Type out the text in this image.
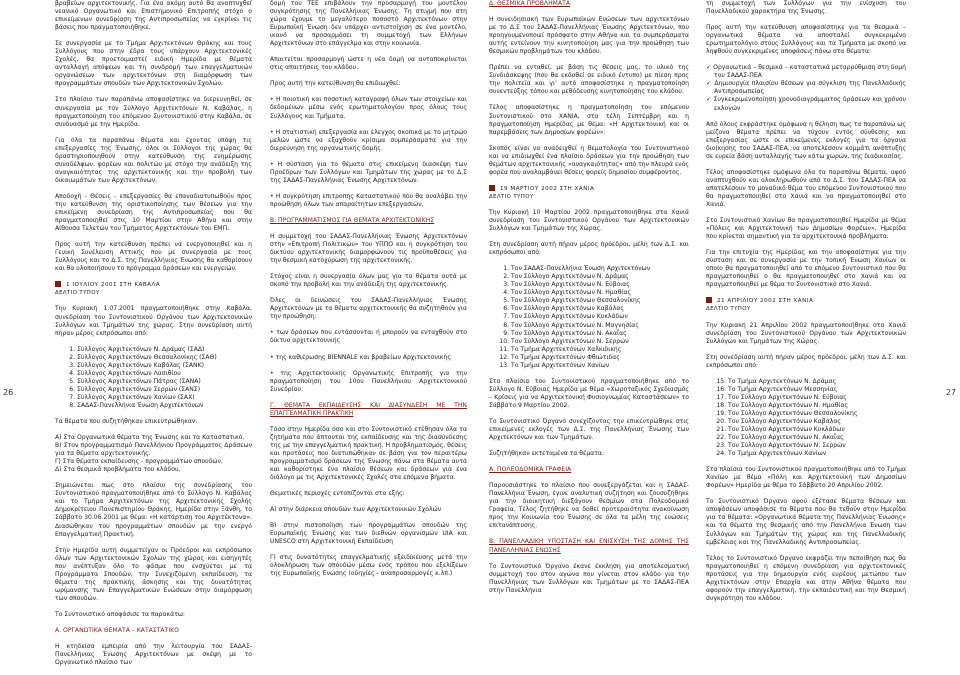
26

βραβείων αρχιτεκτονικής. Για ένα ακόμη αυτό θα αναπτυχθεί νεανικό Οργανωτικό και Επιστημονικό Επιτροπής στόχο ο επικείμενων συνεδρίαση της Αντιπροσωπείας να εγκρίνει τις βάσεις που πραγματοποιήθηκε.

Σε συνεργασία με το Τμήμα Αρχιτεκτόνων Θράκης και τους Συλλόγους που στην έδρα τους υπάρχουν Αρχιτεκτονικές Σχολές, θα προετοιμαστεί ειδική Ημερίδα με θέματα ανταλλαγή απόψεων και τη συνδρομή των επαγγελματικών οργανώσεων των αρχιτεκτόνων στη διαμόρφωση των προγραμμάτων σπουδών των Αρχιτεκτονικών Σχολών.

Στο πλαίσιο των παραπάνω αποφασίστηκε να διερευνηθεί, σε συνεργασία με τον Σύλλογο Αρχιτεκτόνων Ν. Καβάλας, η πραγματοποίηση του επόμενου Συντονιστικού στην Καβάλα, σε συνδυασμό με την Ημερίδα.

Για όλα τα παραπάνω θέματα και έχοντας υπόψη τις επεξεργασίες της Ένωσης, όλοι οι Σύλλογοι της χώρας θα δραστηριοποιηθούν στην κατεύθυνση της ενημέρωσης συναδέλφων, φορέων και πολιτών με στόχο την ανάδειξη της αναγκαιότητας της αρχιτεκτονικής και την προβολή των δικαιωμάτων των Αρχιτεκτόνων.

Αποδοχή - Θέσεις - επεξεργασίες θα επαναδιατυπωθούν προς την κατεύθυνση της οριστικοποίησης των θέσεων για την επικείμενη συνεδρίαση της Αντιπροσωπείας που θα πραγματοποιηθεί στις 10 Μαρτίου στην Αθήνα και στην Αίθουσα Τελετών του Τμήματος Αρχιτεκτόνων του ΕΜΠ.

Προς αυτή την κατεύθυνση πρέπει να ενεργοποιηθεί και η Γενική Συνέλευση Αττικής που με συνεργασία με τους Συλλόγους και το Δ.Σ. της Πανελλήνιας Ένωσης θα καθορίσουν και θα υλοποιήσουν το πρόγραμμα δράσεων και ενεργειών.

1 ΙΟΥΛΙΟΥ 2001 ΣΤΗ ΚΑΒΑΛΑ
ΔΕΛΤΙΟ ΤΥΠΟΥ

Την Κυριακή 1.07.2001 πραγματοποιήθηκε στην Καβάλα, συνεδρίαση του Συντονιστικού Οργάνου των Αρχιτεκτονικών Συλλόγων και Τμημάτων της χώρας. Στην συνεδρίαση αυτή πήραν μέρος εκπρόσωποι από:

1. Σύλλογος Αρχιτεκτόνων Ν. Δράμας (ΣΑΔ)
2. Σύλλογος Αρχιτεκτόνων Θεσσαλονίκης (ΣΑΘ)
3. Σύλλογος Αρχιτεκτόνων Καβάλας (ΣΑΝΚ)
4. Σύλλογος Αρχιτεκτόνων Λασιθίου
5. Σύλλογος Αρχιτεκτόνων Πάτρας (ΣΑΝΑ)
6. Σύλλογος Αρχιτεκτόνων Σερρών (ΣΑΝΣ)
7. Σύλλογος Αρχιτεκτόνων Χανίων (ΣΑΧ)
8. ΣΑΔΑΣ-Πανελλήνια Ένωση Αρχιτεκτόνων

Τα θέματα που συζητήθηκαν επικεντρώθηκαν:

Α) Στα Οργανωτικά θέματα της Ένωσης και τα Καταστατικό.
Β) Στον προγραμματισμό Πανελλήνιου Προγράμματος Δράσεων για τα θέματα αρχιτεκτονικής.
Γ) Στα θέματα εκπαίδευσης - προγραμμάτων σπουδών.
Δ) Στα θεσμικά προβλήματα του κλάδου.

Σημειώνεται πως στο πλαίσιο της συνεδρίασης του Συντονιστικού πραγματοποιήθηκε από το Σύλλογο Ν. Καβάλας και το Τμήμα Αρχιτεκτόνων της Αρχιτεκτονικής Σχολής Δημοκρίτειου Πανεπιστημίου Θράκης, Ημερίδα στην Ξάνθη, το Σάββατο 30.06.2001 με θέμα: «Η κατάρτιση του Αρχιτέκτονα». Διασώθηκαν του προγραμμάτων σπουδών με την ενεργό Επαγγελματική Πρακτική.

Στην Ημερίδα αυτή συμμετείχαν οι Πρόεδροι και εκπρόσωποι όλων των Αρχιτεκτονικών Σχολών της χώρας και εισηγητές που ανέπτυξαν όλο το φάσμα που ενσχύεται με τα Προγράμματα Σπουδών, την Συνεχιζόμενη εκπαίδευση, τα θέματα της πρακτικής άσκησης και της δυνατότητας ωρίμανσης των Επαγγελματικών Ενώσεων στην διαμόρφωση των σπουδών.

Το Συντονιστικό αποφάσισε τα παρακάτω:

Α. ΟΡΓΑΝΩΤΙΚΑ ΘΕΜΑΤΑ – ΚΑΤΑΣΤΑΤΙΚΟ

Η κτηδείσα εμπειρία από την λειτουργία του ΣΑΔΑΣ-Πανελλήνιας Ένωσης Αρχιτεκτόνων με σκέψη με το Οργανωτικό πλαίσιο των

δομή του ΤΕΕ επιβάλουν την προσαρμογή του μοντέλου συγκρότησης της Πανελλήνιας Ένωσης. Τη στιγμή που στη χώρα έχουμε το μεγαλύτερο ποσοστό Αρχιτεκτόνων στην Ευρωπαϊκή Ένωση δεν υπάρχει αντιστοίχιση σε ένα μοντέλο, ικανό να προσαρμόσει τη συμμετοχή των Ελλήνων Αρχιτεκτόνων στο επάγγελμα και στην κοινωνία.

Απαιτείται προσαρμογή ώστε η νέα δομή να ανταποκρίνεται στις απαιτήσεις του κλάδου.

Προς αυτή την κατεύθυνση θα επιδιωχθεί:

• Η ποιοτική και ποσοτική καταγραφή όλων των στοιχείων και δεδομένων μέσω ενός ερωτηματολογίου προς όλους τους Συλλόγους και Τμήματα.

• Η στατιστική επεξεργασία και έλεγχος σκοπικά με το μητρώο μελών ώστε να εξαχθούν κρίσιμα συμπεράσματα για την διερεύνηση της οργανωτικής δομής.

• Η σύσταση για το θέματα στις επικείμενη διασκέψη των Προέδρων των Συλλόγων και Τμημάτων της χώρας με το Δ.Σ της ΣΑΔΑΣ-Πανελλήνιας Ένωσης Αρχιτεκτόνων.

• Η συγκρότηση επιτροπής Καταστατικού που θα αναλάβει την προώθηση όλων των απαραίτητων επεξεργασιών.

Β. ΠΡΟΓΡΑΜΜΑΤΙΣΜΟΣ ΓΙΑ ΘΕΜΑΤΑ ΑΡΧΙΤΕΚΤΟΝΙΚΗΣ

Η συμμετοχή του ΣΑΔΑΣ-Πανελλήνιας Ένωσης Αρχιτεκτόνων στην «Επιτροπή Πολιτικών» του ΥΠΠΟ και η συγκρότηση του δικτύου αρχιτεκτονικής διαμορφώνουν τις προϋποθέσεις για την θεσμική κατοχύρωση της αρχιτεκτονικής.

Στόχος είναι η συνεργασία όλων μας για τα θέματα αυτά με σκοπό την προβολή και την ανάδειξη της αρχιτεκτονικής.

Όλες οι δεινώσεις του ΣΑΔΑΣ-Πανελλήνιας Ένωσης Αρχιτεκτόνων με τα θέματα αρχιτεκτονικής θα συζητηθούν για την προώθηση:

• των δράσεων που εντάσσονται ή μπορούν να ενταχθούν στο δίκτυο αρχιτεκτονικής

• της καθιέρωσης BIENNALE και βραβείων Αρχιτεκτονικής

• της Αρχιτεκτονικής Οργανωτικής Επιτροπής για την πραγματοποίηση του 10ου Πανελλήνιου Αρχιτεκτονικού Συνεδρίου.

Γ. ΘΕΜΑΤΑ ΕΚΠΑΙΔΕΥΣΗΣ ΚΑΙ ΔΙΑΣΥΝΔΕΣΗ ΜΕ ΤΗΝ ΕΠΑΓΓΕΛΜΑΤΙΚΗ ΠΡΑΚΤΙΚΗ

Τόσο στην Ημερίδα όσο και στο Συντονιστικό ετέθησαν όλα τα ζητήματα που άπτονται της εκπαίδευσης και της διασύνδεσης της με την επαγγελματική πρακτική. Η προβληματισμός, θέσεις και προτάσεις που διατυπώθηκαν σε βάση για τον περαιτέρω προγραμματισμό δράσεων της Ένωσης πάνω στα θέματα αυτά και καθορίστηκε ένα πλαίσιο θέσεων και δράσεων για ένα διάλογο με τις Αρχιτεκτονικές Σχολές στα επόμενα βήματα.

Θεματικές περιοχές εντοπίζονται στα εξής:

Α) στην διάρκεια σπουδών των Αρχιτεκτονικών Σχολών

Β) στην πιστοποίηση των προγραμμάτων σπουδών της Ευρωπαϊκής Ένωσης και των διεθνών οργανισμών UIA και UNESCO στη Αρχιτεκτονική Εκπαίδευση

Γ) στις δυνατότητες επαγγελματικής εξειδίκευσης μετά την ολοκλήρωση των σπουδών μέσω ενός τρόπου που εξελίξεων της Ευρωπαϊκής Ένωσης (οδηγίες - αναπροσαρμογές κ.λπ.)

27
Δ. ΘΕΣΜΙΚΑ ΠΡΟΒΛΗΜΑΤΑ

Η συνειδησιακή των Ευρωπαϊκών Ενώσεων των αρχιτεκτόνων με το Δ.Σ του ΣΑΔΑΣ-Πανελλήνιας Ένωσης Αρχιτεκτόνων, που προηγουμενοποιεί πρόσφατο στην Αθήνα και τα συμπεράσματα αυτής εντείνουν την κινητοποίηση μας για την προώθηση των θεσμικών προβλημάτων του κλάδου.

Πρέπει να ενταθεί, με βάση τις θέσεις μας, το υλικό της Συνδιάσκεψης (που θα εκδοθεί σε ειδικό έντυπο) με πίεση προς την πολιτεία και γι' αυτό αποφασίστηκε η πραγματοποίηση συνεντεύξης τόπου και μεθόδευσης κινητοποίησης του κλάδου.

Τέλος αποφασίστηκε η πραγματοποίηση του επόμενου Συντονιστικού στο ΧΑΝΙΑ, στα τέλη Σεπτέμβρη και η πραγματοποίηση Ημερίδας με θέμα: «Η Αρχιτεκτονική και οι παρεμβάσεις των Δημοσίων φορέων».

Σκοπός είναι να αναδειχθεί η θεματολογία του Συντονιστικού και να επιδιωχθεί ένα πλαίσιο δράσεων για την προώθηση των θεμάτων αρχιτεκτονικής «αναγκαιότητας» από την πλευρά ενός φορέα που αναλαμβάνει θέσεις φορείς δημοσίου συμφέροντος.

19 ΜΑΡΤΙΟΥ 2002 ΣΤΗ ΧΑΝΙΑ
ΔΕΛΤΙΟ ΤΥΠΟΥ

Την Κυριακή 10 Μαρτίου 2002 πραγματοποιήθηκε στα Χανιά συνεδρίαση του Συντονιστικού Οργάνου των Αρχιτεκτονικών Συλλόγων και Τμημάτων της Χώρας.

Στη συνεδρίαση αυτή πήραν μέρος πρόεδροι, μέλη των Δ.Σ. και εκπρόσωποι από:

1. Τον ΣΑΔΑΣ-Πανελλήνια Ένωση Αρχιτεκτόνων
2. Τον Σύλλογο Αρχιτεκτόνων Ν. Δράμας
3. Τον Σύλλογο Αρχιτεκτόνων Ν. Εύβοιας
4. Τον Σύλλογο Αρχιτεκτόνων Ν. Ημαθίας
5. Τον Σύλλογο Αρχιτεκτόνων Θεσσαλονίκης
6. Τον Σύλλογο Αρχιτεκτόνων Καβάλας
7. Τον Σύλλογο Αρχιτεκτόνων Κυκλάδων
8. Τον Σύλλογο Αρχιτεκτόνων Ν. Μαγνησίας
9. Τον Σύλλογο Αρχιτεκτόνων Ν. Ακαΐας
10. Τον Σύλλογο Αρχιτεκτόνων Ν. Σερρών
11. Το Τμήμα Αρχιτεκτόνων Χαλκιδικής
12. Το Τμήμα Αρχιτεκτόνων Φθιώτιδας
13. Το Τμήμα Αρχιτεκτόνων Χανίων

Στα πλαίσια του Συντονιστικού πραγματοποιήθηκε από το Σύλλογο Ν. Εύβοιας Ημερίδα με θέμα «Χωροταξικός Σχεδιασμός – Κρίσεις για να Αρχιτεκτονική Φυσιογνωμίας Καταστάσεων» το Σάββατο 9 Μαρτίου 2002.

Το Συντονιστικό Όργανο συνεχίζοντας την επικεντρώθηκε στις επικείμενες εκλογές των Δ.Σ. της Πανελλήνιας Ένωσης των Αρχιτεκτόνων και των Τμημάτων.

Συζητήθηκαν εκτεταμένα τα θέματα:

Α. ΠΟΛΕΟΔΟΜΙΚΑ ΓΡΑΦΕΙΑ

Παρουσιάστηκε το πλαίσιο που συνεξεργάζεται και η ΣΑΔΑΣ-Πανελλήνια Ένωση, έγινε αναλυτική συζήτηση και ζουσυζήθηκε για την διοικητική διεξάγουν θεσμίων στα Πολεοδομικά Γραφεία. Τέλος ζητήθηκε να δοθεί προτεραιότητα ανακοίνωση προς την Κοινωνία του Ένωσης σε όλα τα μέλη της ενώσεις επιτανάπτυσης.

Β. ΠΑΝΕΛΛΑΔΙΚΗ ΥΠΟΣΤΑΣΗ ΚΑΙ ΕΝΙΣΧΥΣΗ ΤΗΣ ΔΟΜΗΣ ΤΗΣ ΠΑΝΕΛΛΗΝΙΑΣ ΕΝΩΣΗΣ

Το Συντονιστικό Όργανο έκανε έκκληση για αποτελεσματική συμμετοχή του στον αγώνα που γίνεται στον κλάδο για την Πανελλήνιας των Συλλόγων και Τμημάτων με το ΣΑΔΑΣ-ΠΕΑ στην Πανελλήνια

τη συμμετοχή των Συλλόγων για την ενίσχυση του Πανελλαδικού χαρακτήρα της Ένωσης.

Προς αυτή την κατεύθυνση αποφασίστηκε για τα θεσμικά – οργανωτικά θέματα να αποσταλεί συγκεκριμένο ερωτηματολόγιο στους Συλλόγους και τα Τμήματα με σκοπό να ληφθούν συγκεκριμένες αποφάσεις πάνω στα θέματα:

✓ Οργανωτικά – θεσμικά – καταστατικά μεταρρύθμιση στη δομή του ΣΑΔΑΣ-ΠΕΑ

✓ Δημιουργία πλαισίου θέσεων για σύγκλιση της Πανελλαδικής Αντιπροσωπείας

✓ Συγκεκριμενοποίηση χρονοδιαγράμματος δράσεων και χρόνου εκλογών

Από όλους εκφράστηκε ομόφωνα η θέληση πως τα παραπάνω ως μείζονα θέματα πρέπει να τύχουν εντός σύνθεσης και επεξεργασίας ώστε οι επικείμενες εκλογές για τα όργανα διοίκησης του ΣΑΔΑΣ-ΠΕΑ, να αποτελέσουν κομμάτι ανάπτυξης σε ευρεία βάση ανταλλαγής των κάτω χωρών, της διαδικασίας.

Τέλος αποφασίστηκε ομόφωνα όλα τα παραπάνω θέματα, αφού αναπτυχθούν και ολοκληρωθούν από το Δ.Σ. του ΣΑΔΑΣ-ΠΕΑ να αποτελέσουν το μοναδικό θέμα του επόμενου Συντονιστικού που θα πραγματοποιηθεί στο Χανιά και να πραγματοποιηθεί στο Χανιά.

Στο Συντονιστικό Χανίων θα πραγματοποιηθεί Ημερίδα με θέμα «Πόλεις και Αρχιτεκτονική των Δημοσίων Φορέων», Ημερίδα που κρίνεται σημαντική για τα αρχιτεκτονικά προβλήματα.

Για την επιτυχία της Ημερίδας και την αποφασίστηκε για την σύσταση και σε συνεργασία με την τοπική Ένωση Χανίων οι οποίο θα πραγματοποιηθεί από το επόμενο Συντονιστικό που θα πραγματοποιηθεί ο θα πραγματοποιηθεί στο Χανιά και να πραγματοποιηθεί με θέμα το Συντονιστικό στο Χανιά.

21 ΑΠΡΙΛΙΟΥ 2002 ΣΤΗ ΧΑΝΙΑ
ΔΕΛΤΙΟ ΤΥΠΟΥ

Την Κυριακή 21 Απριλίου 2002 πραγματοποιήθηκε στα Χανιά συνεδρίαση του Συντονιστικού Οργάνου των Αρχιτεκτονικών Συλλόγων και Τμημάτων της Χώρας.

Στη συνεδρίαση αυτή πήραν μέρος πρόεδροι, μέλη των Δ.Σ. και εκπρόσωποι από:

15. Το Τμήμα Αρχιτεκτόνων Ν. Δράμας
16. Το Τμήμα Αρχιτεκτόνων Μεσσηνίας
17. Τον Σύλλογο Αρχιτεκτόνων Ν. Εύβοιας
18. Τον Σύλλογο Αρχιτεκτόνων Ν. Ημαθίας
19. Τον Σύλλογο Αρχιτεκτόνων Θεσσαλονίκης
20. Τον Σύλλογο Αρχιτεκτόνων Καβάλας
21. Τον Σύλλογο Αρχιτεκτόνων Κυκλάδων
22. Τον Σύλλογο Αρχιτεκτόνων Ν. Ακαΐας
23. Τον Σύλλογο Αρχιτεκτόνων Ν. Σερρών
24. Το Τμήμα Αρχιτεκτόνων Χανίων

Στα πλαίσια του Συντονιστικού πραγματοποιήθηκε από το Τμήμα Χανίων με θέμα «Πόλη και Αρχιτεκτονική των Δημοσίων Φορέων» Ημερίδα με θέμα το Σάββατο 20 Απριλίου 2002.

Το Συντονιστικό Όργανο αφού εξέτασε θέματα θέσεων και αποφάσεων αποφάσισε τα θέματα που θα τεθούν στην Ημερίδα για τα θέματα: «Οργανωτικά θέματα της Πανελλήνιας Ένωσης» και τα θέματα της θεσμικής από την Πανελλήνια Ένωση των Συλλόγων και Τμημάτων της χώρας και της Πανελλαδικής εμβέλειας και της Πανελλαδικής Αντιπροσωπείας.

Τέλος το Συντονιστικό Όργανο εκφράζει την πεποίθηση πως θα πραγματοποιηθεί η επόμενη συνεδρίαση για αρχιτεκτονικές προτάσεις για την δημιουργία ενός ευρέους μετώπου των Αρχιτεκτόνων στην Επαρχία και στην Αθήνα θέματα που αφορούν την επαγγελματική, την εκπαιδευτική και την Θεσμική συγκρότηση του κλάδου.
